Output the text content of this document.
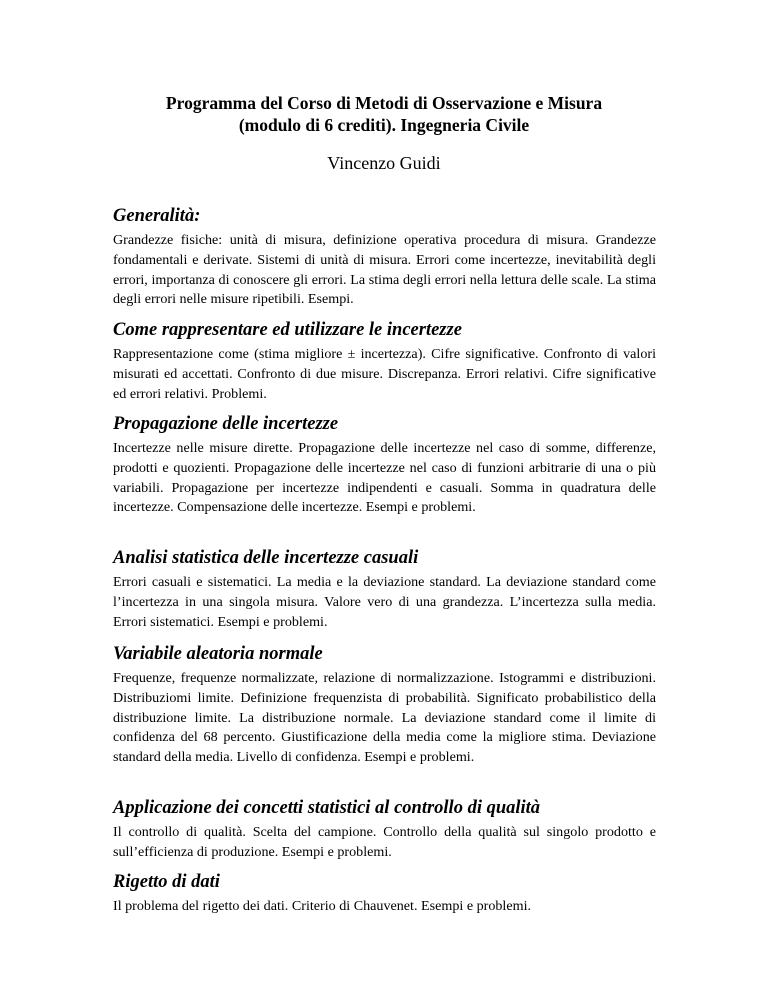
Programma del Corso di Metodi di Osservazione e Misura
(modulo di 6 crediti). Ingegneria Civile
Vincenzo Guidi
Generalità:

Grandezze fisiche: unità di misura, definizione operativa procedura di misura. Grandezze fondamentali e derivate. Sistemi di unità di misura. Errori come incertezze, inevitabilità degli errori, importanza di conoscere gli errori. La stima degli errori nella lettura delle scale. La stima degli errori nelle misure ripetibili. Esempi.

Come rappresentare ed utilizzare le incertezze

Rappresentazione come (stima migliore ± incertezza). Cifre significative. Confronto di valori misurati ed accettati. Confronto di due misure. Discrepanza. Errori relativi. Cifre significative ed errori relativi. Problemi.

Propagazione delle incertezze

Incertezze nelle misure dirette. Propagazione delle incertezze nel caso di somme, differenze, prodotti e quozienti. Propagazione delle incertezze nel caso di funzioni arbitrarie di una o più variabili. Propagazione per incertezze indipendenti e casuali. Somma in quadratura delle incertezze. Compensazione delle incertezze. Esempi e problemi.

Analisi statistica delle incertezze casuali

Errori casuali e sistematici. La media e la deviazione standard. La deviazione standard come l’incertezza in una singola misura. Valore vero di una grandezza. L’incertezza sulla media. Errori sistematici. Esempi e problemi.

Variabile aleatoria normale

Frequenze, frequenze normalizzate, relazione di normalizzazione. Istogrammi e distribuzioni. Distribuziomi limite. Definizione frequenzista di probabilità. Significato probabilistico della distribuzione limite. La distribuzione normale. La deviazione standard come il limite di confidenza del 68 percento. Giustificazione della media come la migliore stima. Deviazione standard della media. Livello di confidenza. Esempi e problemi.

Applicazione dei concetti statistici al controllo di qualità

Il controllo di qualità. Scelta del campione. Controllo della qualità sul singolo prodotto e sull’efficienza di produzione. Esempi e problemi.

Rigetto di dati

Il problema del rigetto dei dati. Criterio di Chauvenet. Esempi e problemi.
